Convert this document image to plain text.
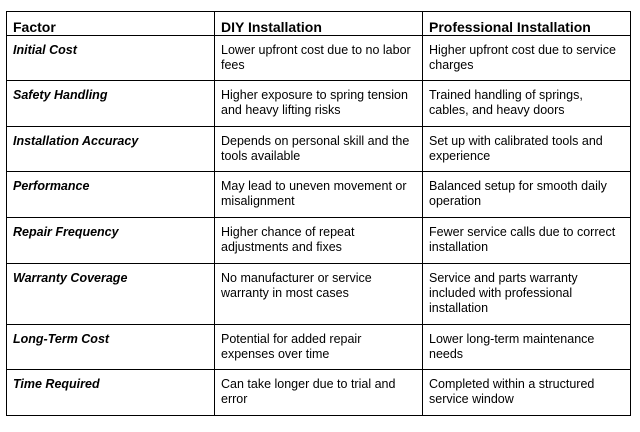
Factor	DIY Installation	Professional Installation
Initial Cost	Lower upfront cost due to no labor fees	Higher upfront cost due to service charges
Safety Handling	Higher exposure to spring tension and heavy lifting risks	Trained handling of springs, cables, and heavy doors
Installation Accuracy	Depends on personal skill and the tools available	Set up with calibrated tools and experience
Performance	May lead to uneven movement or misalignment	Balanced setup for smooth daily operation
Repair Frequency	Higher chance of repeat adjustments and fixes	Fewer service calls due to correct installation
Warranty Coverage	No manufacturer or service warranty in most cases	Service and parts warranty included with professional installation
Long-Term Cost	Potential for added repair expenses over time	Lower long-term maintenance needs
Time Required	Can take longer due to trial and error	Completed within a structured service window
